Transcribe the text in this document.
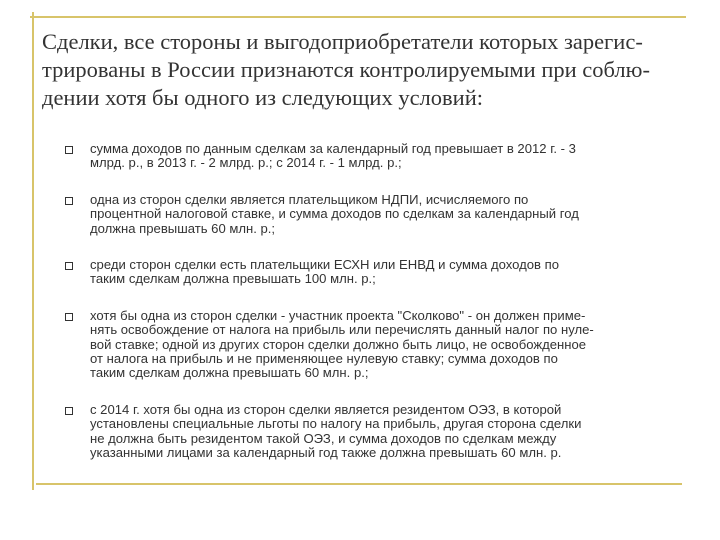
Сделки, все стороны и выгодоприобретатели которых зарегис-
трированы в России признаются контролируемыми при соблю-
дении хотя бы одного из следующих условий:
сумма доходов по данным сделкам за календарный год превышает в 2012 г. - 3
млрд. р., в 2013 г. - 2 млрд. р.; с 2014 г. - 1 млрд. р.;
одна из сторон сделки является плательщиком НДПИ, исчисляемого по
процентной налоговой ставке, и сумма доходов по сделкам за календарный год
должна превышать 60 млн. р.;
среди сторон сделки есть плательщики ЕСХН или ЕНВД и сумма доходов по
таким сделкам должна превышать 100 млн. р.;
хотя бы одна из сторон сделки - участник проекта "Сколково" - он должен приме-
нять освобождение от налога на прибыль или перечислять данный налог по нуле-
вой ставке; одной из других сторон сделки должно быть лицо, не освобожденное
от налога на прибыль и не применяющее нулевую ставку; сумма доходов по
таким сделкам должна превышать 60 млн. р.;
с 2014 г. хотя бы одна из сторон сделки является резидентом ОЭЗ, в которой
установлены специальные льготы по налогу на прибыль, другая сторона сделки
не должна быть резидентом такой ОЭЗ, и сумма доходов по сделкам между
указанными лицами за календарный год также должна превышать 60 млн. р.
